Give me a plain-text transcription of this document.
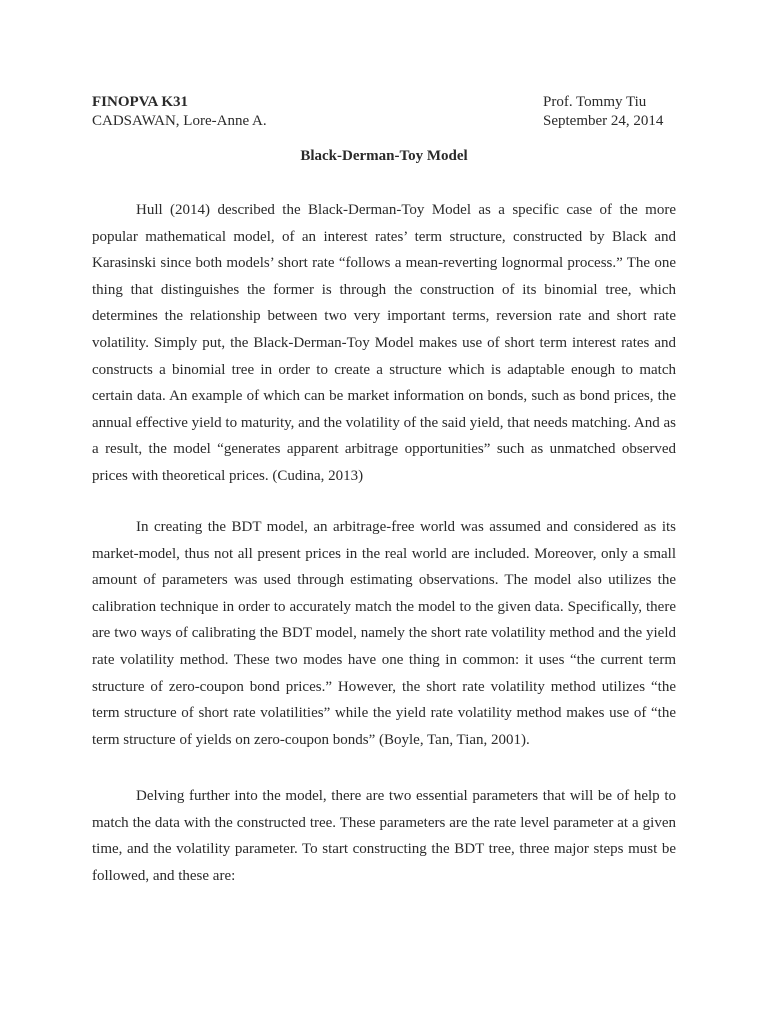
FINOPVA K31
CADSAWAN, Lore-Anne A.
Prof. Tommy Tiu
September 24, 2014
Black-Derman-Toy Model

Hull (2014) described the Black-Derman-Toy Model as a specific case of the more popular mathematical model, of an interest rates’ term structure, constructed by Black and Karasinski since both models’ short rate “follows a mean-reverting lognormal process.” The one thing that distinguishes the former is through the construction of its binomial tree, which determines the relationship between two very important terms, reversion rate and short rate volatility. Simply put, the Black-Derman-Toy Model makes use of short term interest rates and constructs a binomial tree in order to create a structure which is adaptable enough to match certain data. An example of which can be market information on bonds, such as bond prices, the annual effective yield to maturity, and the volatility of the said yield, that needs matching. And as a result, the model “generates apparent arbitrage opportunities” such as unmatched observed prices with theoretical prices. (Cudina, 2013)

In creating the BDT model, an arbitrage-free world was assumed and considered as its market-model, thus not all present prices in the real world are included. Moreover, only a small amount of parameters was used through estimating observations. The model also utilizes the calibration technique in order to accurately match the model to the given data. Specifically, there are two ways of calibrating the BDT model, namely the short rate volatility method and the yield rate volatility method. These two modes have one thing in common: it uses “the current term structure of zero-coupon bond prices.” However, the short rate volatility method utilizes “the term structure of short rate volatilities” while the yield rate volatility method makes use of “the term structure of yields on zero-coupon bonds” (Boyle, Tan, Tian, 2001).

Delving further into the model, there are two essential parameters that will be of help to match the data with the constructed tree. These parameters are the rate level parameter at a given time, and the volatility parameter. To start constructing the BDT tree, three major steps must be followed, and these are:
